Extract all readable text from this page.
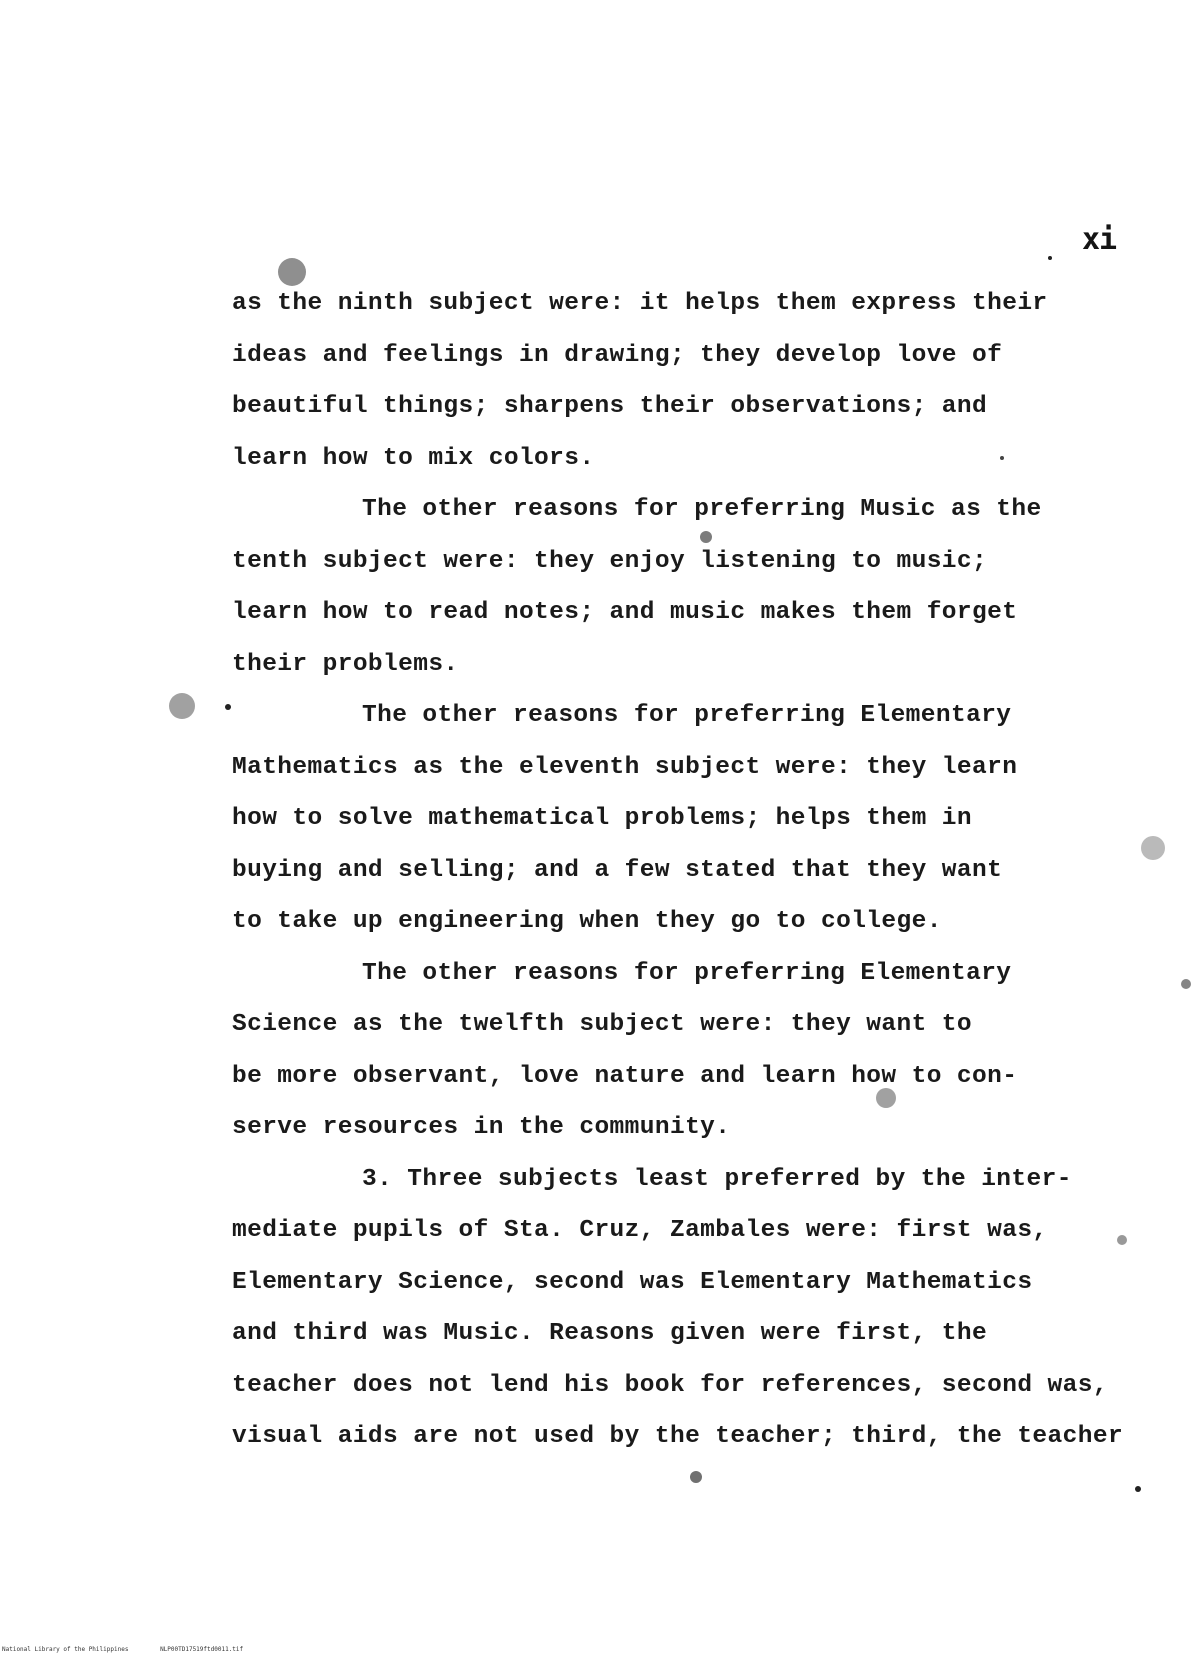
xi
as the ninth subject were: it helps them express their
ideas and feelings in drawing; they develop love of
beautiful things; sharpens their observations; and
learn how to mix colors.
The other reasons for preferring Music as the
tenth subject were: they enjoy listening to music;
learn how to read notes; and music makes them forget
their problems.
The other reasons for preferring Elementary
Mathematics as the eleventh subject were: they learn
how to solve mathematical problems; helps them in
buying and selling; and a few stated that they want
to take up engineering when they go to college.
The other reasons for preferring Elementary
Science as the twelfth subject were: they want to
be more observant, love nature and learn how to con-
serve resources in the community.
3. Three subjects least preferred by the inter-
mediate pupils of Sta. Cruz, Zambales were: first was,
Elementary Science, second was Elementary Mathematics
and third was Music. Reasons given were first, the
teacher does not lend his book for references, second was,
visual aids are not used by the teacher; third, the teacher
National Library of the Philippines	NLP00TD17519ftd0011.tif
